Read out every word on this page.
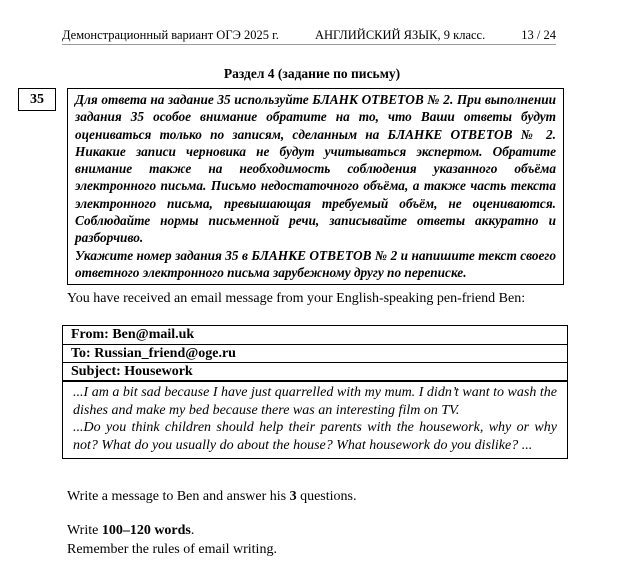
Демонстрационный вариант ОГЭ 2025 г.	АНГЛИЙСКИЙ ЯЗЫК, 9 класс.	13 / 24
Раздел 4 (задание по письму)
35 Для ответа на задание 35 используйте БЛАНК ОТВЕТОВ № 2. При выполнении задания 35 особое внимание обратите на то, что Ваши ответы будут оцениваться только по записям, сделанным на БЛАНКЕ ОТВЕТОВ № 2. Никакие записи черновика не будут учитываться экспертом. Обратите внимание также на необходимость соблюдения указанного объёма электронного письма. Письмо недостаточного объёма, а также часть текста электронного письма, превышающая требуемый объём, не оцениваются. Соблюдайте нормы письменной речи, записывайте ответы аккуратно и разборчиво.

Укажите номер задания 35 в БЛАНКЕ ОТВЕТОВ № 2 и напишите текст своего ответного электронного письма зарубежному другу по переписке.

You have received an email message from your English-speaking pen-friend Ben:

From: Ben@mail.uk
To: Russian_friend@oge.ru
Subject: Housework

...I am a bit sad because I have just quarrelled with my mum. I didn’t want to wash the dishes and make my bed because there was an interesting film on TV.

...Do you think children should help their parents with the housework, why or why not? What do you usually do about the house? What housework do you dislike? ...

Write a message to Ben and answer his 3 questions.

Write 100–120 words.

Remember the rules of email writing.
